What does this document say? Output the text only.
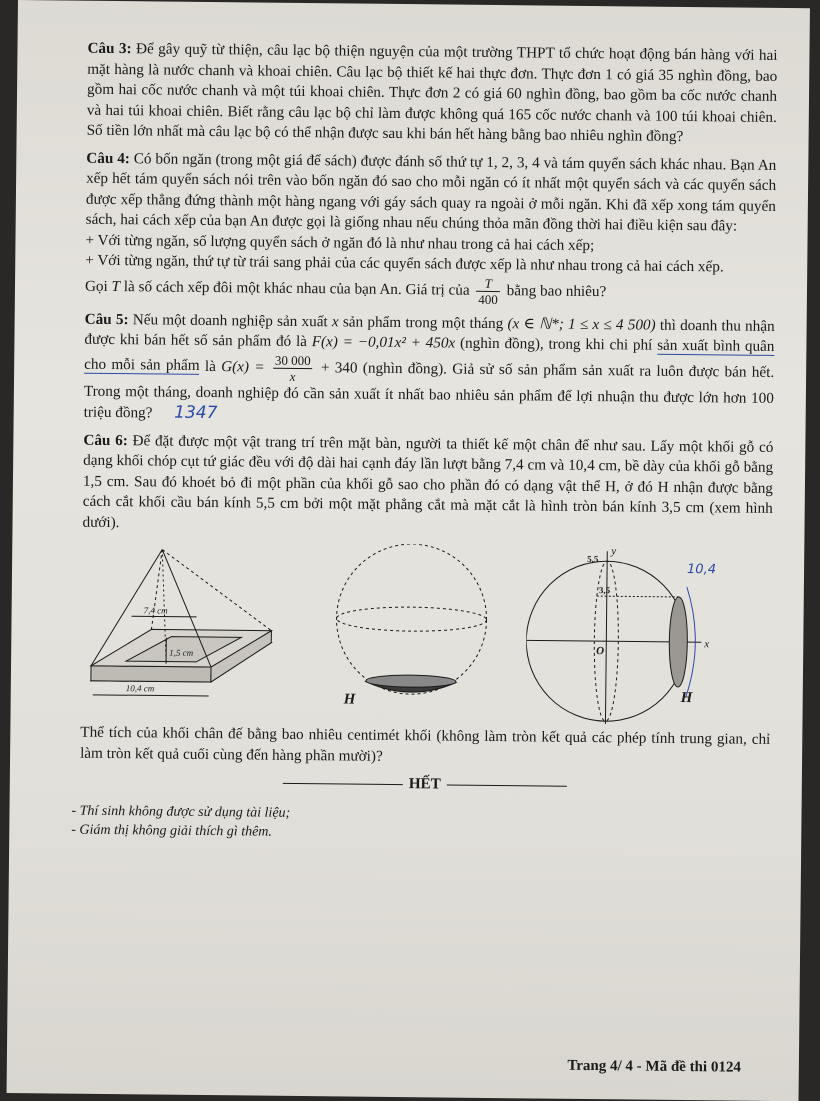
Câu 3: Để gây quỹ từ thiện, câu lạc bộ thiện nguyện của một trường THPT tổ chức hoạt động bán hàng với hai mặt hàng là nước chanh và khoai chiên. Câu lạc bộ thiết kế hai thực đơn. Thực đơn 1 có giá 35 nghìn đồng, bao gồm hai cốc nước chanh và một túi khoai chiên. Thực đơn 2 có giá 60 nghìn đồng, bao gồm ba cốc nước chanh và hai túi khoai chiên. Biết rằng câu lạc bộ chỉ làm được không quá 165 cốc nước chanh và 100 túi khoai chiên. Số tiền lớn nhất mà câu lạc bộ có thể nhận được sau khi bán hết hàng bằng bao nhiêu nghìn đồng?

Câu 4: Có bốn ngăn (trong một giá để sách) được đánh số thứ tự 1, 2, 3, 4 và tám quyển sách khác nhau. Bạn An xếp hết tám quyển sách nói trên vào bốn ngăn đó sao cho mỗi ngăn có ít nhất một quyển sách và các quyển sách được xếp thẳng đứng thành một hàng ngang với gáy sách quay ra ngoài ở mỗi ngăn. Khi đã xếp xong tám quyển sách, hai cách xếp của bạn An được gọi là giống nhau nếu chúng thỏa mãn đồng thời hai điều kiện sau đây:
+ Với từng ngăn, số lượng quyển sách ở ngăn đó là như nhau trong cả hai cách xếp;
+ Với từng ngăn, thứ tự từ trái sang phải của các quyển sách được xếp là như nhau trong cả hai cách xếp.
Gọi T là số cách xếp đôi một khác nhau của bạn An. Giá trị của $\frac{T}{400}$ bằng bao nhiêu?

Câu 5: Nếu một doanh nghiệp sản xuất x sản phẩm trong một tháng (x ∈ ℕ*; 1 ≤ x ≤ 4 500) thì doanh thu nhận được khi bán hết số sản phẩm đó là F(x) = −0,01x² + 450x (nghìn đồng), trong khi chi phí sản xuất bình quân cho mỗi sản phẩm là $G(x) = \frac{30 000}{x} + 340$ (nghìn đồng). Giả sử số sản phẩm sản xuất ra luôn được bán hết. Trong một tháng, doanh nghiệp đó cần sản xuất ít nhất bao nhiêu sản phẩm để lợi nhuận thu được lớn hơn 100 triệu đồng? 1347

Câu 6: Để đặt được một vật trang trí trên mặt bàn, người ta thiết kế một chân đế như sau. Lấy một khối gỗ có dạng khối chóp cụt tứ giác đều với độ dài hai cạnh đáy lần lượt bằng 7,4 cm và 10,4 cm, bề dày của khối gỗ bằng 1,5 cm. Sau đó khoét bỏ đi một phần của khối gỗ sao cho phần đó có dạng vật thể H, ở đó H nhận được bằng cách cắt khối cầu bán kính 5,5 cm bởi một mặt phẳng cắt mà mặt cắt là hình tròn bán kính 3,5 cm (xem hình dưới).

7,4 cm
1,5 cm
10,4 cm
H
y
5,5
3,5
O
x
H
10,4

Thể tích của khối chân đế bằng bao nhiêu centimét khối (không làm tròn kết quả các phép tính trung gian, chỉ làm tròn kết quả cuối cùng đến hàng phần mười)?

HẾT
- Thí sinh không được sử dụng tài liệu;
- Giám thị không giải thích gì thêm.
Trang 4/ 4 - Mã đề thi 0124
